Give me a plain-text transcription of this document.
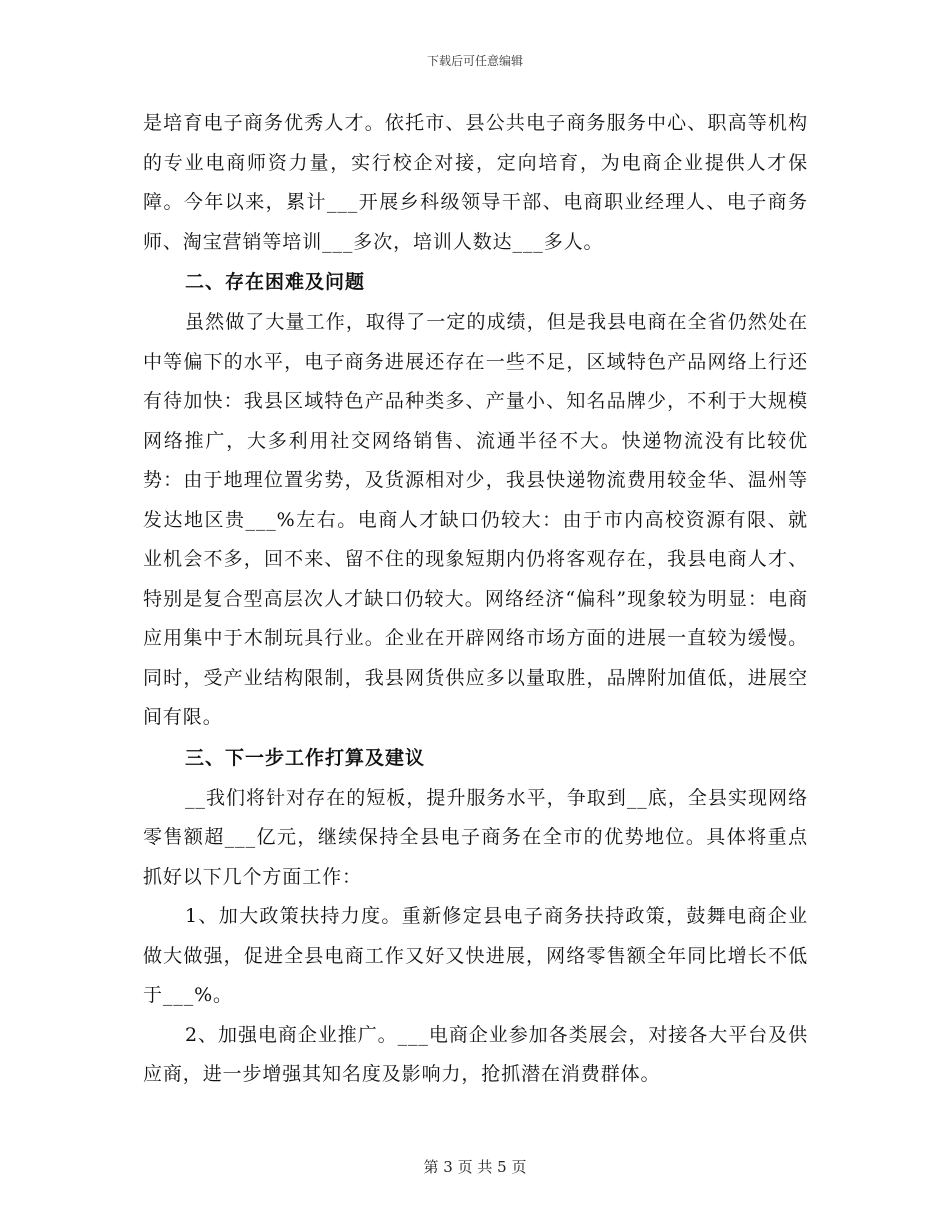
下载后可任意编辑

是培育电子商务优秀人才。依托市、县公共电子商务服务中心、职高等机构的专业电商师资力量，实行校企对接，定向培育，为电商企业提供人才保障。今年以来，累计___开展乡科级领导干部、电商职业经理人、电子商务师、淘宝营销等培训___多次，培训人数达___多人。

二、存在困难及问题

虽然做了大量工作，取得了一定的成绩，但是我县电商在全省仍然处在中等偏下的水平，电子商务进展还存在一些不足，区域特色产品网络上行还有待加快：我县区域特色产品种类多、产量小、知名品牌少，不利于大规模网络推广，大多利用社交网络销售、流通半径不大。快递物流没有比较优势：由于地理位置劣势，及货源相对少，我县快递物流费用较金华、温州等发达地区贵___%左右。电商人才缺口仍较大：由于市内高校资源有限、就业机会不多，回不来、留不住的现象短期内仍将客观存在，我县电商人才、特别是复合型高层次人才缺口仍较大。网络经济“偏科”现象较为明显：电商应用集中于木制玩具行业。企业在开辟网络市场方面的进展一直较为缓慢。同时，受产业结构限制，我县网货供应多以量取胜，品牌附加值低，进展空间有限。

三、下一步工作打算及建议

__我们将针对存在的短板，提升服务水平，争取到__底，全县实现网络零售额超___亿元，继续保持全县电子商务在全市的优势地位。具体将重点抓好以下几个方面工作：

1、加大政策扶持力度。重新修定县电子商务扶持政策，鼓舞电商企业做大做强，促进全县电商工作又好又快进展，网络零售额全年同比增长不低于___%。

2、加强电商企业推广。___电商企业参加各类展会，对接各大平台及供应商，进一步增强其知名度及影响力，抢抓潜在消费群体。

第 3 页 共 5 页
